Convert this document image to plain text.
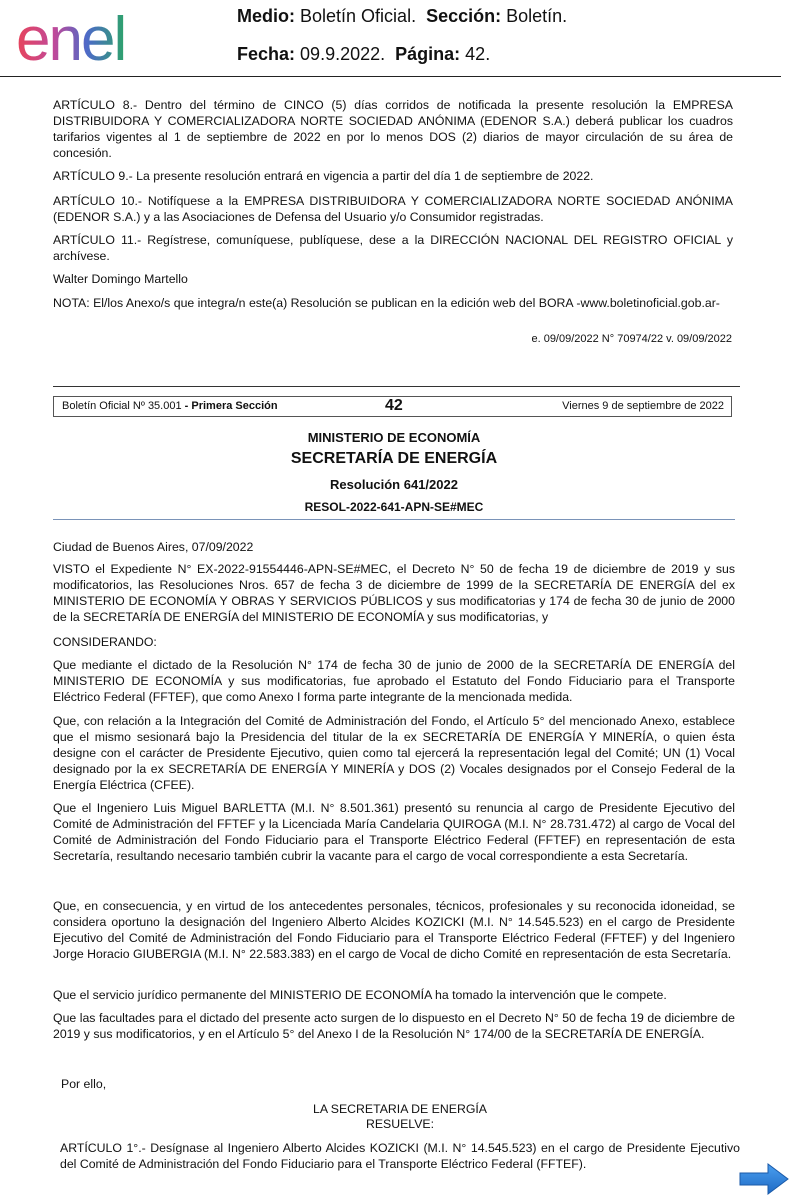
enel	Medio: Boletín Oficial. Sección: Boletín.
Fecha: 09.9.2022. Página: 42.

ARTÍCULO 8.- Dentro del término de CINCO (5) días corridos de notificada la presente resolución la EMPRESA DISTRIBUIDORA Y COMERCIALIZADORA NORTE SOCIEDAD ANÓNIMA (EDENOR S.A.) deberá publicar los cuadros tarifarios vigentes al 1 de septiembre de 2022 en por lo menos DOS (2) diarios de mayor circulación de su área de concesión.

ARTÍCULO 9.- La presente resolución entrará en vigencia a partir del día 1 de septiembre de 2022.

ARTÍCULO 10.- Notifíquese a la EMPRESA DISTRIBUIDORA Y COMERCIALIZADORA NORTE SOCIEDAD ANÓNIMA (EDENOR S.A.) y a las Asociaciones de Defensa del Usuario y/o Consumidor registradas.

ARTÍCULO 11.- Regístrese, comuníquese, publíquese, dese a la DIRECCIÓN NACIONAL DEL REGISTRO OFICIAL y archívese.

Walter Domingo Martello

NOTA: El/los Anexo/s que integra/n este(a) Resolución se publican en la edición web del BORA -www.boletinoficial.gob.ar-

e. 09/09/2022 N° 70974/22 v. 09/09/2022
Boletín Oficial Nº 35.001 - Primera Sección	42	Viernes 9 de septiembre de 2022
MINISTERIO DE ECONOMÍA
SECRETARÍA DE ENERGÍA
Resolución 641/2022
RESOL-2022-641-APN-SE#MEC

Ciudad de Buenos Aires, 07/09/2022

VISTO el Expediente N° EX-2022-91554446-APN-SE#MEC, el Decreto N° 50 de fecha 19 de diciembre de 2019 y sus modificatorios, las Resoluciones Nros. 657 de fecha 3 de diciembre de 1999 de la SECRETARÍA DE ENERGÍA del ex MINISTERIO DE ECONOMÍA Y OBRAS Y SERVICIOS PÚBLICOS y sus modificatorias y 174 de fecha 30 de junio de 2000 de la SECRETARÍA DE ENERGÍA del MINISTERIO DE ECONOMÍA y sus modificatorias, y

CONSIDERANDO:

Que mediante el dictado de la Resolución N° 174 de fecha 30 de junio de 2000 de la SECRETARÍA DE ENERGÍA del MINISTERIO DE ECONOMÍA y sus modificatorias, fue aprobado el Estatuto del Fondo Fiduciario para el Transporte Eléctrico Federal (FFTEF), que como Anexo I forma parte integrante de la mencionada medida.

Que, con relación a la Integración del Comité de Administración del Fondo, el Artículo 5° del mencionado Anexo, establece que el mismo sesionará bajo la Presidencia del titular de la ex SECRETARÍA DE ENERGÍA Y MINERÍA, o quien ésta designe con el carácter de Presidente Ejecutivo, quien como tal ejercerá la representación legal del Comité; UN (1) Vocal designado por la ex SECRETARÍA DE ENERGÍA Y MINERÍA y DOS (2) Vocales designados por el Consejo Federal de la Energía Eléctrica (CFEE).

Que el Ingeniero Luis Miguel BARLETTA (M.I. N° 8.501.361) presentó su renuncia al cargo de Presidente Ejecutivo del Comité de Administración del FFTEF y la Licenciada María Candelaria QUIROGA (M.I. N° 28.731.472) al cargo de Vocal del Comité de Administración del Fondo Fiduciario para el Transporte Eléctrico Federal (FFTEF) en representación de esta Secretaría, resultando necesario también cubrir la vacante para el cargo de vocal correspondiente a esta Secretaría.

Que, en consecuencia, y en virtud de los antecedentes personales, técnicos, profesionales y su reconocida idoneidad, se considera oportuno la designación del Ingeniero Alberto Alcides KOZICKI (M.I. N° 14.545.523) en el cargo de Presidente Ejecutivo del Comité de Administración del Fondo Fiduciario para el Transporte Eléctrico Federal (FFTEF) y del Ingeniero Jorge Horacio GIUBERGIA (M.I. N° 22.583.383) en el cargo de Vocal de dicho Comité en representación de esta Secretaría.

Que el servicio jurídico permanente del MINISTERIO DE ECONOMÍA ha tomado la intervención que le compete.

Que las facultades para el dictado del presente acto surgen de lo dispuesto en el Decreto N° 50 de fecha 19 de diciembre de 2019 y sus modificatorios, y en el Artículo 5° del Anexo I de la Resolución N° 174/00 de la SECRETARÍA DE ENERGÍA.

Por ello,
LA SECRETARIA DE ENERGÍA
RESUELVE:

ARTÍCULO 1°.- Desígnase al Ingeniero Alberto Alcides KOZICKI (M.I. N° 14.545.523) en el cargo de Presidente Ejecutivo del Comité de Administración del Fondo Fiduciario para el Transporte Eléctrico Federal (FFTEF).
